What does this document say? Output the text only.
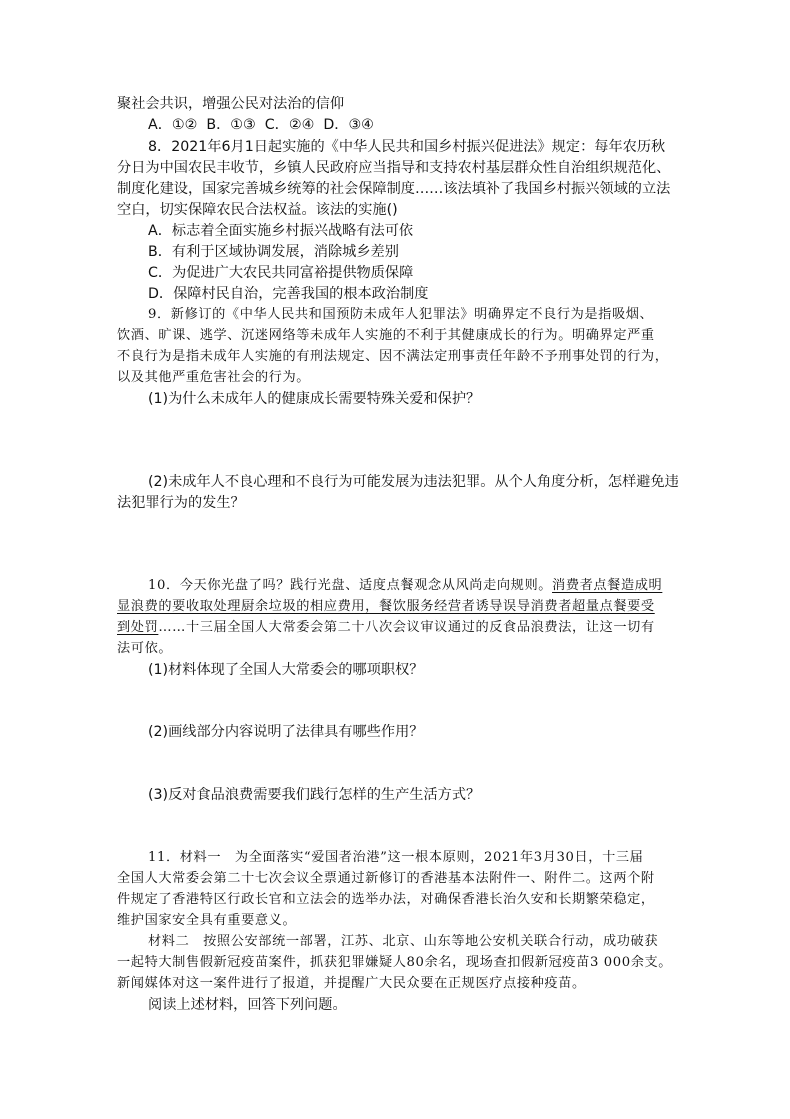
聚社会共识，增强公民对法治的信仰
A．①② B．①③ C．②④ D．③④
8．2021年6月1日起实施的《中华人民共和国乡村振兴促进法》规定：每年农历秋
分日为中国农民丰收节，乡镇人民政府应当指导和支持农村基层群众性自治组织规范化、
制度化建设，国家完善城乡统筹的社会保障制度……该法填补了我国乡村振兴领域的立法
空白，切实保障农民合法权益。该法的实施()
A．标志着全面实施乡村振兴战略有法可依
B．有利于区域协调发展，消除城乡差别
C．为促进广大农民共同富裕提供物质保障
D．保障村民自治，完善我国的根本政治制度
9．新修订的《中华人民共和国预防未成年人犯罪法》明确界定不良行为是指吸烟、
饮酒、旷课、逃学、沉迷网络等未成年人实施的不利于其健康成长的行为。明确界定严重
不良行为是指未成年人实施的有刑法规定、因不满法定刑事责任年龄不予刑事处罚的行为，
以及其他严重危害社会的行为。
(1)为什么未成年人的健康成长需要特殊关爱和保护？
(2)未成年人不良心理和不良行为可能发展为违法犯罪。从个人角度分析，怎样避免违
法犯罪行为的发生？
10．今天你光盘了吗？践行光盘、适度点餐观念从风尚走向规则。消费者点餐造成明
显浪费的要收取处理厨余垃圾的相应费用，餐饮服务经营者诱导误导消费者超量点餐要受
到处罚……十三届全国人大常委会第二十八次会议审议通过的反食品浪费法，让这一切有
法可依。
(1)材料体现了全国人大常委会的哪项职权？
(2)画线部分内容说明了法律具有哪些作用？
(3)反对食品浪费需要我们践行怎样的生产生活方式？
11．材料一　为全面落实“爱国者治港”这一根本原则，2021年3月30日，十三届
全国人大常委会第二十七次会议全票通过新修订的香港基本法附件一、附件二。这两个附
件规定了香港特区行政长官和立法会的选举办法，对确保香港长治久安和长期繁荣稳定，
维护国家安全具有重要意义。
材料二　按照公安部统一部署，江苏、北京、山东等地公安机关联合行动，成功破获
一起特大制售假新冠疫苗案件，抓获犯罪嫌疑人80余名，现场查扣假新冠疫苗3 000余支。
新闻媒体对这一案件进行了报道，并提醒广大民众要在正规医疗点接种疫苗。
阅读上述材料，回答下列问题。
